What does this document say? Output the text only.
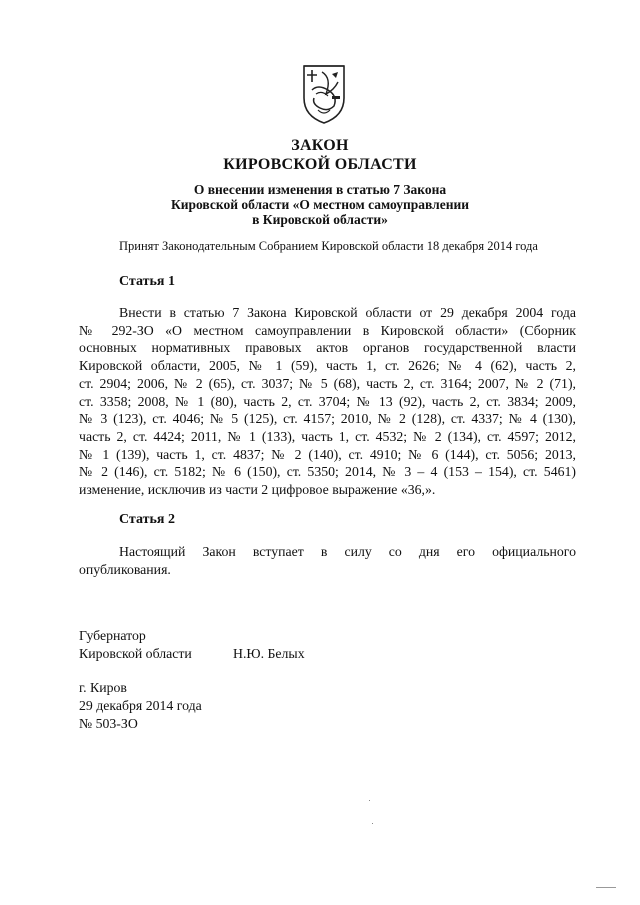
ЗАКОН
КИРОВСКОЙ ОБЛАСТИ
О внесении изменения в статью 7 Закона
Кировской области «О местном самоуправлении
в Кировской области»
Принят Законодательным Собранием Кировской области 18 декабря 2014 года
Статья 1
Внести в статью 7 Закона Кировской области от 29 декабря 2004 года
№ 292-ЗО «О местном самоуправлении в Кировской области» (Сборник
основных нормативных правовых актов органов государственной власти
Кировской области, 2005, № 1 (59), часть 1, ст. 2626; № 4 (62), часть 2,
ст. 2904; 2006, № 2 (65), ст. 3037; № 5 (68), часть 2, ст. 3164; 2007, № 2 (71),
ст. 3358; 2008, № 1 (80), часть 2, ст. 3704; № 13 (92), часть 2, ст. 3834; 2009,
№ 3 (123), ст. 4046; № 5 (125), ст. 4157; 2010, № 2 (128), ст. 4337; № 4 (130),
часть 2, ст. 4424; 2011, № 1 (133), часть 1, ст. 4532; № 2 (134), ст. 4597; 2012,
№ 1 (139), часть 1, ст. 4837; № 2 (140), ст. 4910; № 6 (144), ст. 5056; 2013,
№ 2 (146), ст. 5182; № 6 (150), ст. 5350; 2014, № 3 – 4 (153 – 154), ст. 5461)
изменение, исключив из части 2 цифровое выражение «36,».
Статья 2
Настоящий Закон вступает в силу со дня его официального
опубликования.
Губернатор
Кировской области	Н.Ю. Белых
г. Киров
29 декабря 2014 года
№ 503-ЗО
